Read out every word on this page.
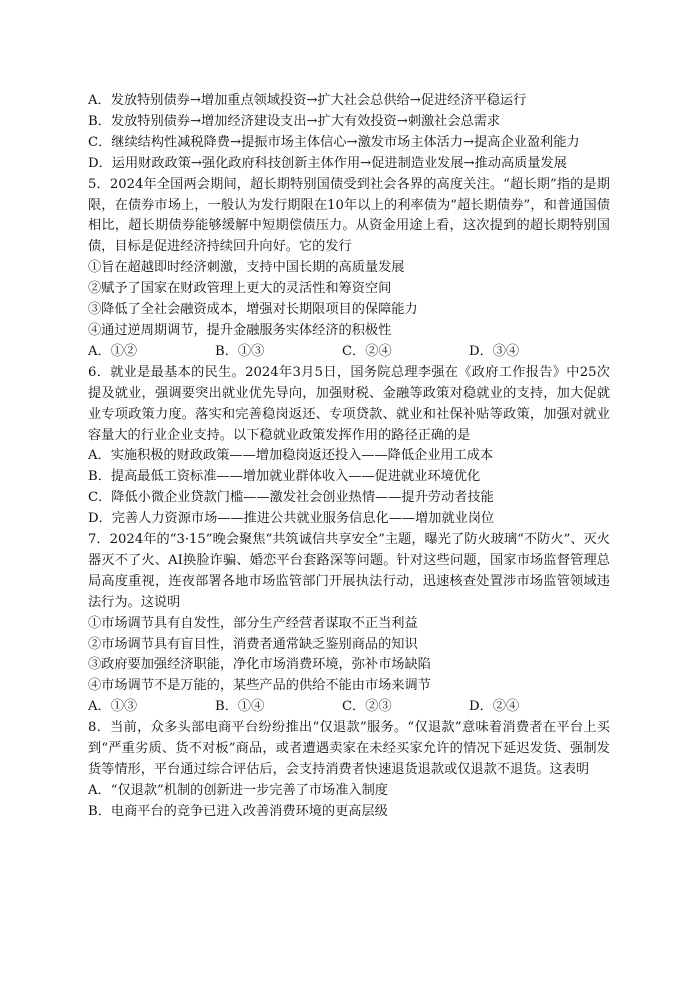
A．发放特别债券→增加重点领域投资→扩大社会总供给→促进经济平稳运行

B．发放特别债券→增加经济建设支出→扩大有效投资→刺激社会总需求

C．继续结构性减税降费→提振市场主体信心→激发市场主体活力→提高企业盈利能力

D．运用财政政策→强化政府科技创新主体作用→促进制造业发展→推动高质量发展

5．2024年全国两会期间，超长期特别国债受到社会各界的高度关注。“超长期”指的是期限，在债券市场上，一般认为发行期限在10年以上的利率债为“超长期债券”，和普通国债相比，超长期债券能够缓解中短期偿债压力。从资金用途上看，这次提到的超长期特别国债，目标是促进经济持续回升向好。它的发行

①旨在超越即时经济刺激，支持中国长期的高质量发展

②赋予了国家在财政管理上更大的灵活性和筹资空间

③降低了全社会融资成本，增强对长期限项目的保障能力

④通过逆周期调节，提升金融服务实体经济的积极性

A．①②	B．①③	C．②④	D．③④

6．就业是最基本的民生。2024年3月5日，国务院总理李强在《政府工作报告》中25次提及就业，强调要突出就业优先导向，加强财税、金融等政策对稳就业的支持，加大促就业专项政策力度。落实和完善稳岗返还、专项贷款、就业和社保补贴等政策，加强对就业容量大的行业企业支持。以下稳就业政策发挥作用的路径正确的是

A．实施积极的财政政策——增加稳岗返还投入——降低企业用工成本

B．提高最低工资标准——增加就业群体收入——促进就业环境优化

C．降低小微企业贷款门槛——激发社会创业热情——提升劳动者技能

D．完善人力资源市场——推进公共就业服务信息化——增加就业岗位

7．2024年的“3·15”晚会聚焦“共筑诚信共享安全”主题，曝光了防火玻璃“不防火”、灭火器灭不了火、AI换脸诈骗、婚恋平台套路深等问题。针对这些问题，国家市场监督管理总局高度重视，连夜部署各地市场监管部门开展执法行动，迅速核查处置涉市场监管领域违法行为。这说明

①市场调节具有自发性，部分生产经营者谋取不正当利益

②市场调节具有盲目性，消费者通常缺乏鉴别商品的知识

③政府要加强经济职能，净化市场消费环境，弥补市场缺陷

④市场调节不是万能的，某些产品的供给不能由市场来调节

A．①③	B．①④	C．②③	D．②④

8．当前，众多头部电商平台纷纷推出“仅退款”服务。“仅退款”意味着消费者在平台上买到“严重劣质、货不对板”商品，或者遭遇卖家在未经买家允许的情况下延迟发货、强制发货等情形，平台通过综合评估后，会支持消费者快速退货退款或仅退款不退货。这表明

A．“仅退款”机制的创新进一步完善了市场准入制度

B．电商平台的竞争已进入改善消费环境的更高层级
